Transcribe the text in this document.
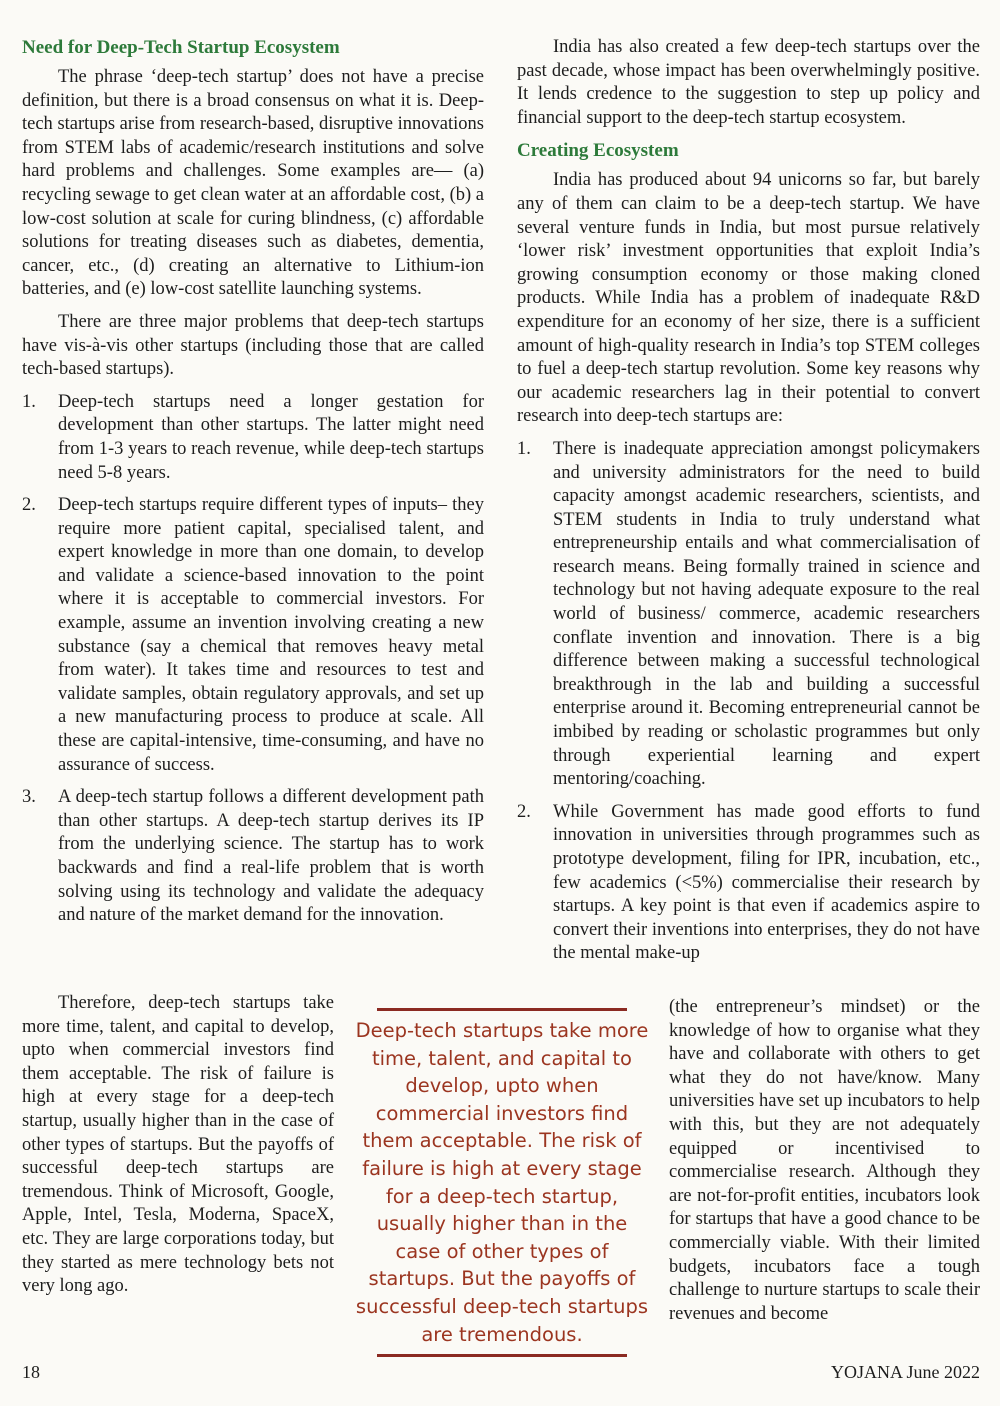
Need for Deep-Tech Startup Ecosystem

The phrase ‘deep-tech startup’ does not have a precise definition, but there is a broad consensus on what it is. Deep-tech startups arise from research-based, disruptive innovations from STEM labs of academic/research institutions and solve hard problems and challenges. Some examples are— (a) recycling sewage to get clean water at an affordable cost, (b) a low-cost solution at scale for curing blindness, (c) affordable solutions for treating diseases such as diabetes, dementia, cancer, etc., (d) creating an alternative to Lithium-ion batteries, and (e) low-cost satellite launching systems.

There are three major problems that deep-tech startups have vis-à-vis other startups (including those that are called tech-based startups).

1. Deep-tech startups need a longer gestation for development than other startups. The latter might need from 1-3 years to reach revenue, while deep-tech startups need 5-8 years.
2. Deep-tech startups require different types of inputs– they require more patient capital, specialised talent, and expert knowledge in more than one domain, to develop and validate a science-based innovation to the point where it is acceptable to commercial investors. For example, assume an invention involving creating a new substance (say a chemical that removes heavy metal from water). It takes time and resources to test and validate samples, obtain regulatory approvals, and set up a new manufacturing process to produce at scale. All these are capital-intensive, time-consuming, and have no assurance of success.
3. A deep-tech startup follows a different development path than other startups. A deep-tech startup derives its IP from the underlying science. The startup has to work backwards and find a real-life problem that is worth solving using its technology and validate the adequacy and nature of the market demand for the innovation.

Therefore, deep-tech startups take more time, talent, and capital to develop, upto when commercial investors find them acceptable. The risk of failure is high at every stage for a deep-tech startup, usually higher than in the case of other types of startups. But the payoffs of successful deep-tech startups are tremendous. Think of Microsoft, Google, Apple, Intel, Tesla, Moderna, SpaceX, etc. They are large corporations today, but they started as mere technology bets not very long ago.

India has also created a few deep-tech startups over the past decade, whose impact has been overwhelmingly positive. It lends credence to the suggestion to step up policy and financial support to the deep-tech startup ecosystem.

Creating Ecosystem

India has produced about 94 unicorns so far, but barely any of them can claim to be a deep-tech startup. We have several venture funds in India, but most pursue relatively ‘lower risk’ investment opportunities that exploit India’s growing consumption economy or those making cloned products. While India has a problem of inadequate R&D expenditure for an economy of her size, there is a sufficient amount of high-quality research in India’s top STEM colleges to fuel a deep-tech startup revolution. Some key reasons why our academic researchers lag in their potential to convert research into deep-tech startups are:

1. There is inadequate appreciation amongst policymakers and university administrators for the need to build capacity amongst academic researchers, scientists, and STEM students in India to truly understand what entrepreneurship entails and what commercialisation of research means. Being formally trained in science and technology but not having adequate exposure to the real world of business/ commerce, academic researchers conflate invention and innovation. There is a big difference between making a successful technological breakthrough in the lab and building a successful enterprise around it. Becoming entrepreneurial cannot be imbibed by reading or scholastic programmes but only through experiential learning and expert mentoring/coaching.
2. While Government has made good efforts to fund innovation in universities through programmes such as prototype development, filing for IPR, incubation, etc., few academics (<5%) commercialise their research by startups. A key point is that even if academics aspire to convert their inventions into enterprises, they do not have the mental make-up

(the entrepreneur’s mindset) or the knowledge of how to organise what they have and collaborate with others to get what they do not have/know. Many universities have set up incubators to help with this, but they are not adequately equipped or incentivised to commercialise research. Although they are not-for-profit entities, incubators look for startups that have a good chance to be commercially viable. With their limited budgets, incubators face a tough challenge to nurture startups to scale their revenues and become

Deep-tech startups take more time, talent, and capital to develop, upto when commercial investors find them acceptable. The risk of failure is high at every stage for a deep-tech startup, usually higher than in the case of other types of startups. But the payoffs of successful deep-tech startups are tremendous.
18	YOJANA June 2022
